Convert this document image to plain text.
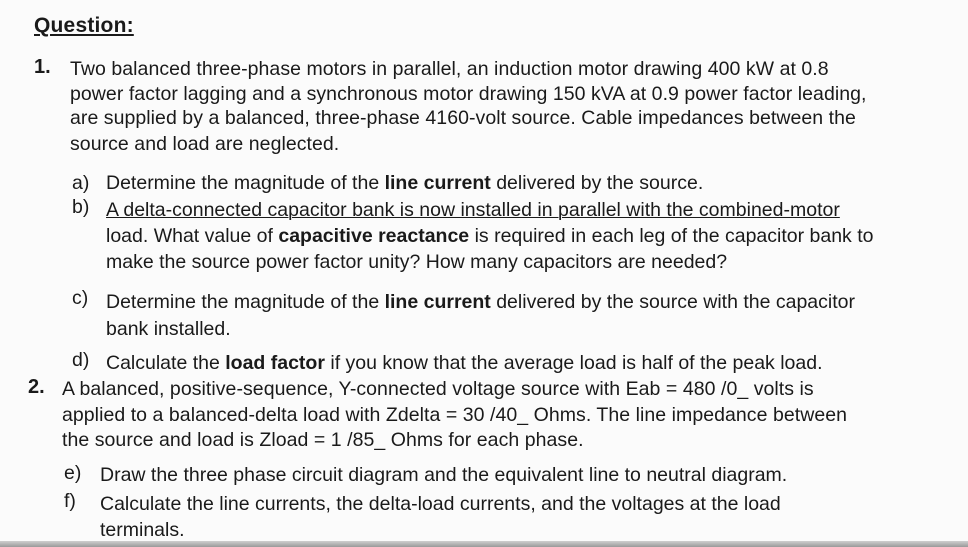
Question:
1. Two balanced three-phase motors in parallel, an induction motor drawing 400 kW at 0.8
power factor lagging and a synchronous motor drawing 150 kVA at 0.9 power factor leading,
are supplied by a balanced, three-phase 4160-volt source. Cable impedances between the
source and load are neglected.
a) Determine the magnitude of the line current delivered by the source.
b) A delta-connected capacitor bank is now installed in parallel with the combined-motor
load. What value of capacitive reactance is required in each leg of the capacitor bank to
make the source power factor unity? How many capacitors are needed?
c) Determine the magnitude of the line current delivered by the source with the capacitor
bank installed.
d) Calculate the load factor if you know that the average load is half of the peak load.
2. A balanced, positive-sequence, Y-connected voltage source with Eab = 480 /0_ volts is
applied to a balanced-delta load with Zdelta = 30 /40_ Ohms. The line impedance between
the source and load is Zload = 1 /85_ Ohms for each phase.
e) Draw the three phase circuit diagram and the equivalent line to neutral diagram.
f) Calculate the line currents, the delta-load currents, and the voltages at the load
terminals.
